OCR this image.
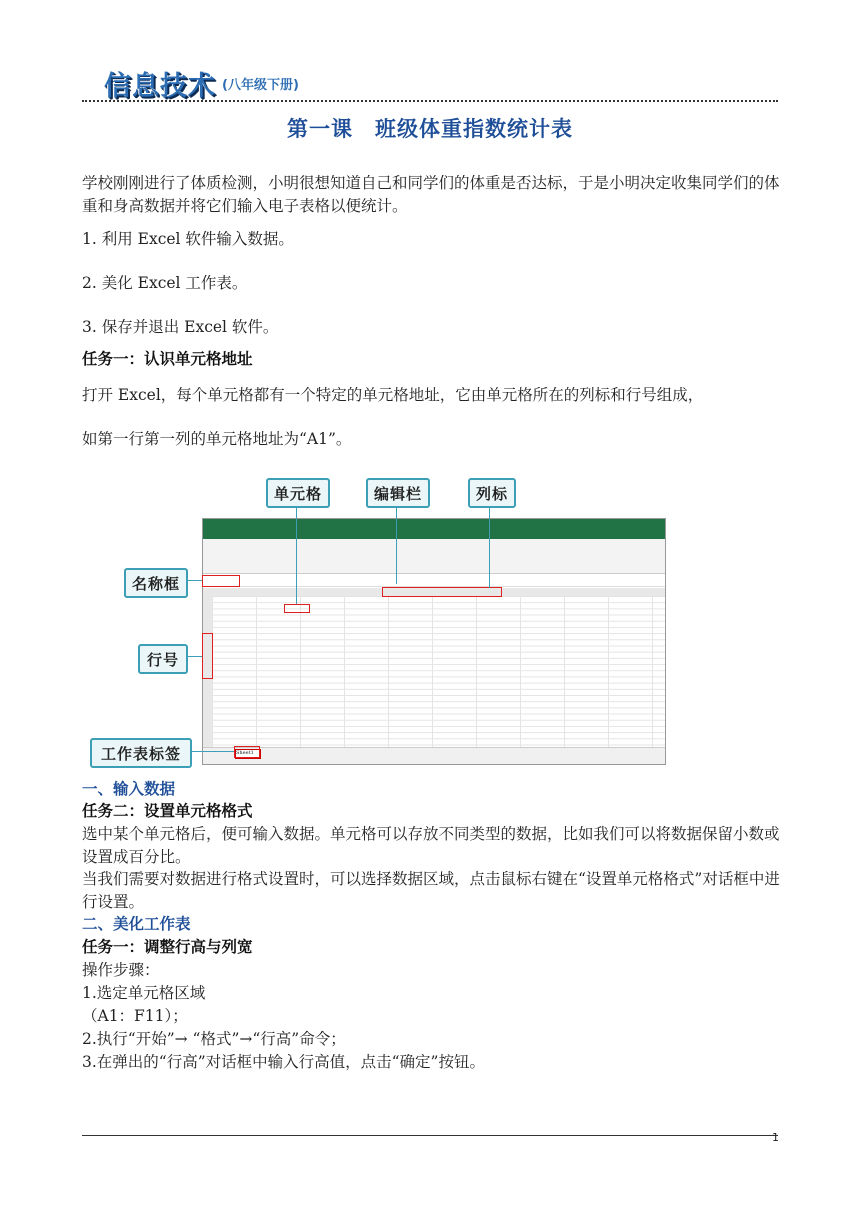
信息技术 (八年级下册)
第一课　班级体重指数统计表
学校刚刚进行了体质检测，小明很想知道自己和同学们的体重是否达标，于是小明决定收集同学们的体重和身高数据并将它们输入电子表格以便统计。
1. 利用 Excel 软件输入数据。
2. 美化 Excel 工作表。
3. 保存并退出 Excel 软件。
任务一：认识单元格地址
打开 Excel，每个单元格都有一个特定的单元格地址，它由单元格所在的列标和行号组成，
如第一行第一列的单元格地址为“A1”。
Sheet1
单元格	编辑栏	列标
名称框
行号
工作表标签
一、输入数据
任务二：设置单元格格式
选中某个单元格后，便可输入数据。单元格可以存放不同类型的数据，比如我们可以将数据保留小数或设置成百分比。
当我们需要对数据进行格式设置时，可以选择数据区域，点击鼠标右键在“设置单元格格式”对话框中进行设置。
二、美化工作表
任务一：调整行高与列宽
操作步骤：
1.选定单元格区域
（A1：F11）；
2.执行“开始”→ “格式”→“行高”命令；
3.在弹出的“行高”对话框中输入行高值，点击“确定”按钮。
1
